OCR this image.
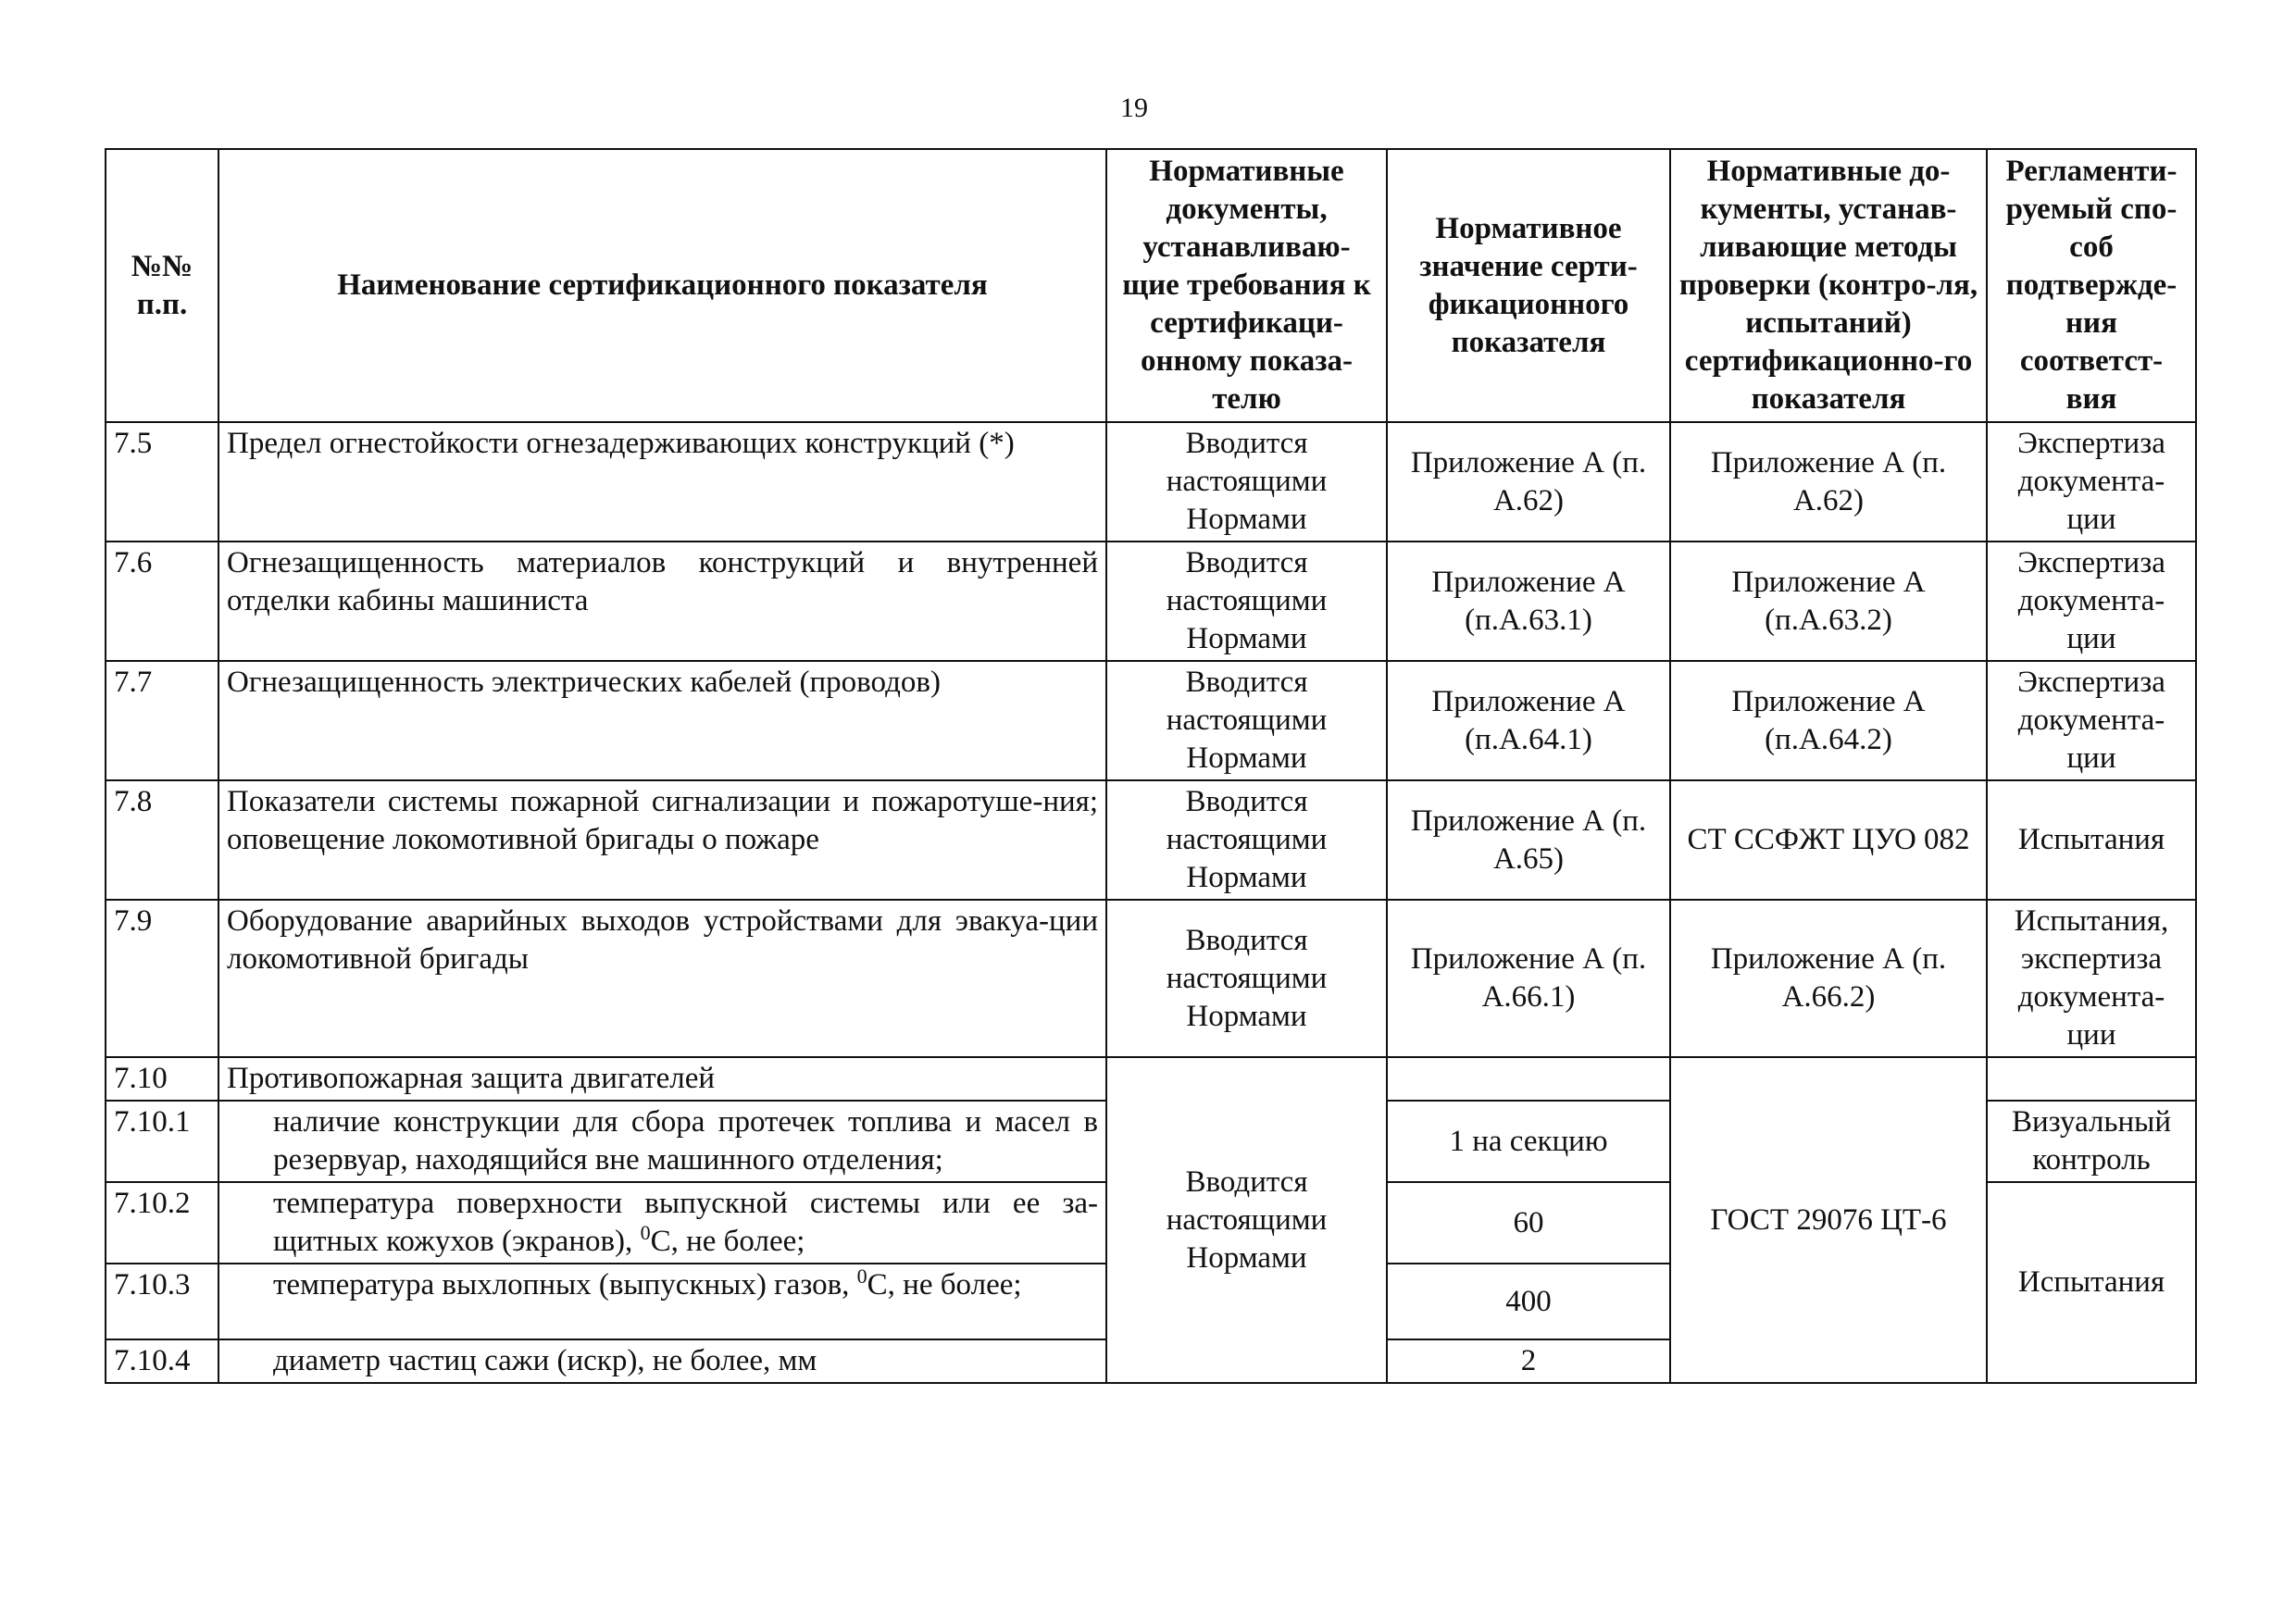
19
№№ п.п.	Наименование сертификационного показателя	Нормативные документы, устанавливаю-щие требования к сертификаци-онному показа-телю	Нормативное значение серти-фикационного показателя	Нормативные до-кументы, устанав-ливающие методы проверки (контро-ля, испытаний) сертификационно-го показателя	Регламенти-руемый спо-соб подтвержде-ния соответст-вия
7.5	Предел огнестойкости огнезадерживающих конструкций (*)	Вводится настоящими Нормами	Приложение А (п. А.62)	Приложение А (п. А.62)	Экспертиза документа-ции
7.6	Огнезащищенность материалов конструкций и внутренней отделки кабины машиниста	Вводится настоящими Нормами	Приложение А (п.А.63.1)	Приложение А (п.А.63.2)	Экспертиза документа-ции
7.7	Огнезащищенность электрических кабелей (проводов)	Вводится настоящими Нормами	Приложение А (п.А.64.1)	Приложение А (п.А.64.2)	Экспертиза документа-ции
7.8	Показатели системы пожарной сигнализации и пожаротуше-ния; оповещение локомотивной бригады о пожаре	Вводится настоящими Нормами	Приложение А (п. А.65)	СТ ССФЖТ ЦУО 082	Испытания
7.9	Оборудование аварийных выходов устройствами для эвакуа-ции локомотивной бригады	Вводится настоящими Нормами	Приложение А (п. А.66.1)	Приложение А (п. А.66.2)	Испытания, экспертиза документа-ции
7.10	Противопожарная защита двигателей	Вводится настоящими Нормами		ГОСТ 29076 ЦТ-6	
7.10.1	наличие конструкции для сбора протечек топлива и масел в резервуар, находящийся вне машинного отделения;		1 на секцию		Визуальный контроль
7.10.2	температура поверхности выпускной системы или ее за-щитных кожухов (экранов), $^0$С, не более;		60		Испытания
7.10.3	температура выхлопных (выпускных) газов, $^0$С, не более;		400		
7.10.4	диаметр частиц сажи (искр), не более, мм		2		
